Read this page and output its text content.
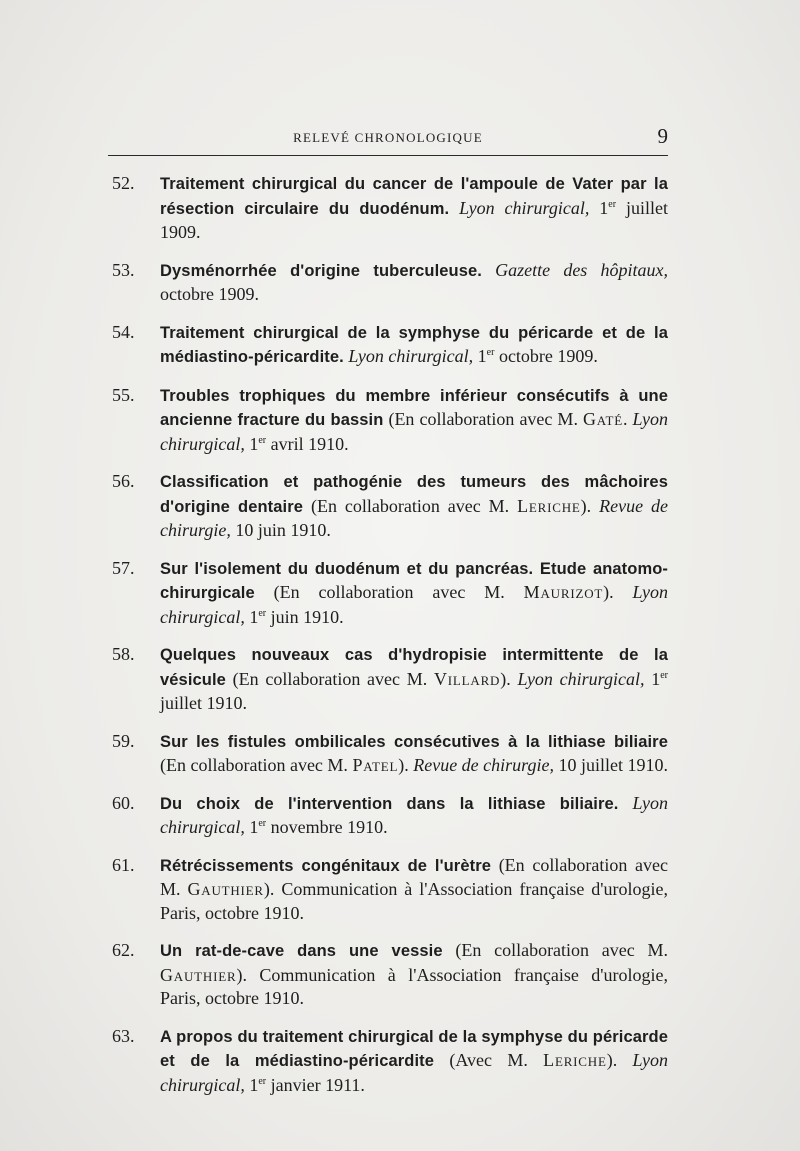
RELEVÉ CHRONOLOGIQUE	9
52.	Traitement chirurgical du cancer de l'ampoule de Vater par la résection circulaire du duodénum. Lyon chirurgical, 1er juillet 1909.
53.	Dysménorrhée d'origine tuberculeuse. Gazette des hôpitaux, octobre 1909.
54.	Traitement chirurgical de la symphyse du péricarde et de la médiastino-péricardite. Lyon chirurgical, 1er octobre 1909.
55.	Troubles trophiques du membre inférieur consécutifs à une ancienne fracture du bassin (En collaboration avec M. Gaté. Lyon chirurgical, 1er avril 1910.
56.	Classification et pathogénie des tumeurs des mâchoires d'origine dentaire (En collaboration avec M. Leriche). Revue de chirurgie, 10 juin 1910.
57.	Sur l'isolement du duodénum et du pancréas. Etude anatomo-chirurgicale (En collaboration avec M. Maurizot). Lyon chirurgical, 1er juin 1910.
58.	Quelques nouveaux cas d'hydropisie intermittente de la vésicule (En collaboration avec M. Villard). Lyon chirurgical, 1er juillet 1910.
59.	Sur les fistules ombilicales consécutives à la lithiase biliaire (En collaboration avec M. Patel). Revue de chirurgie, 10 juillet 1910.
60.	Du choix de l'intervention dans la lithiase biliaire. Lyon chirurgical, 1er novembre 1910.
61.	Rétrécissements congénitaux de l'urètre (En collaboration avec M. Gauthier). Communication à l'Association française d'urologie, Paris, octobre 1910.
62.	Un rat-de-cave dans une vessie (En collaboration avec M. Gauthier). Communication à l'Association française d'urologie, Paris, octobre 1910.
63.	A propos du traitement chirurgical de la symphyse du péricarde et de la médiastino-péricardite (Avec M. Leriche). Lyon chirurgical, 1er janvier 1911.
